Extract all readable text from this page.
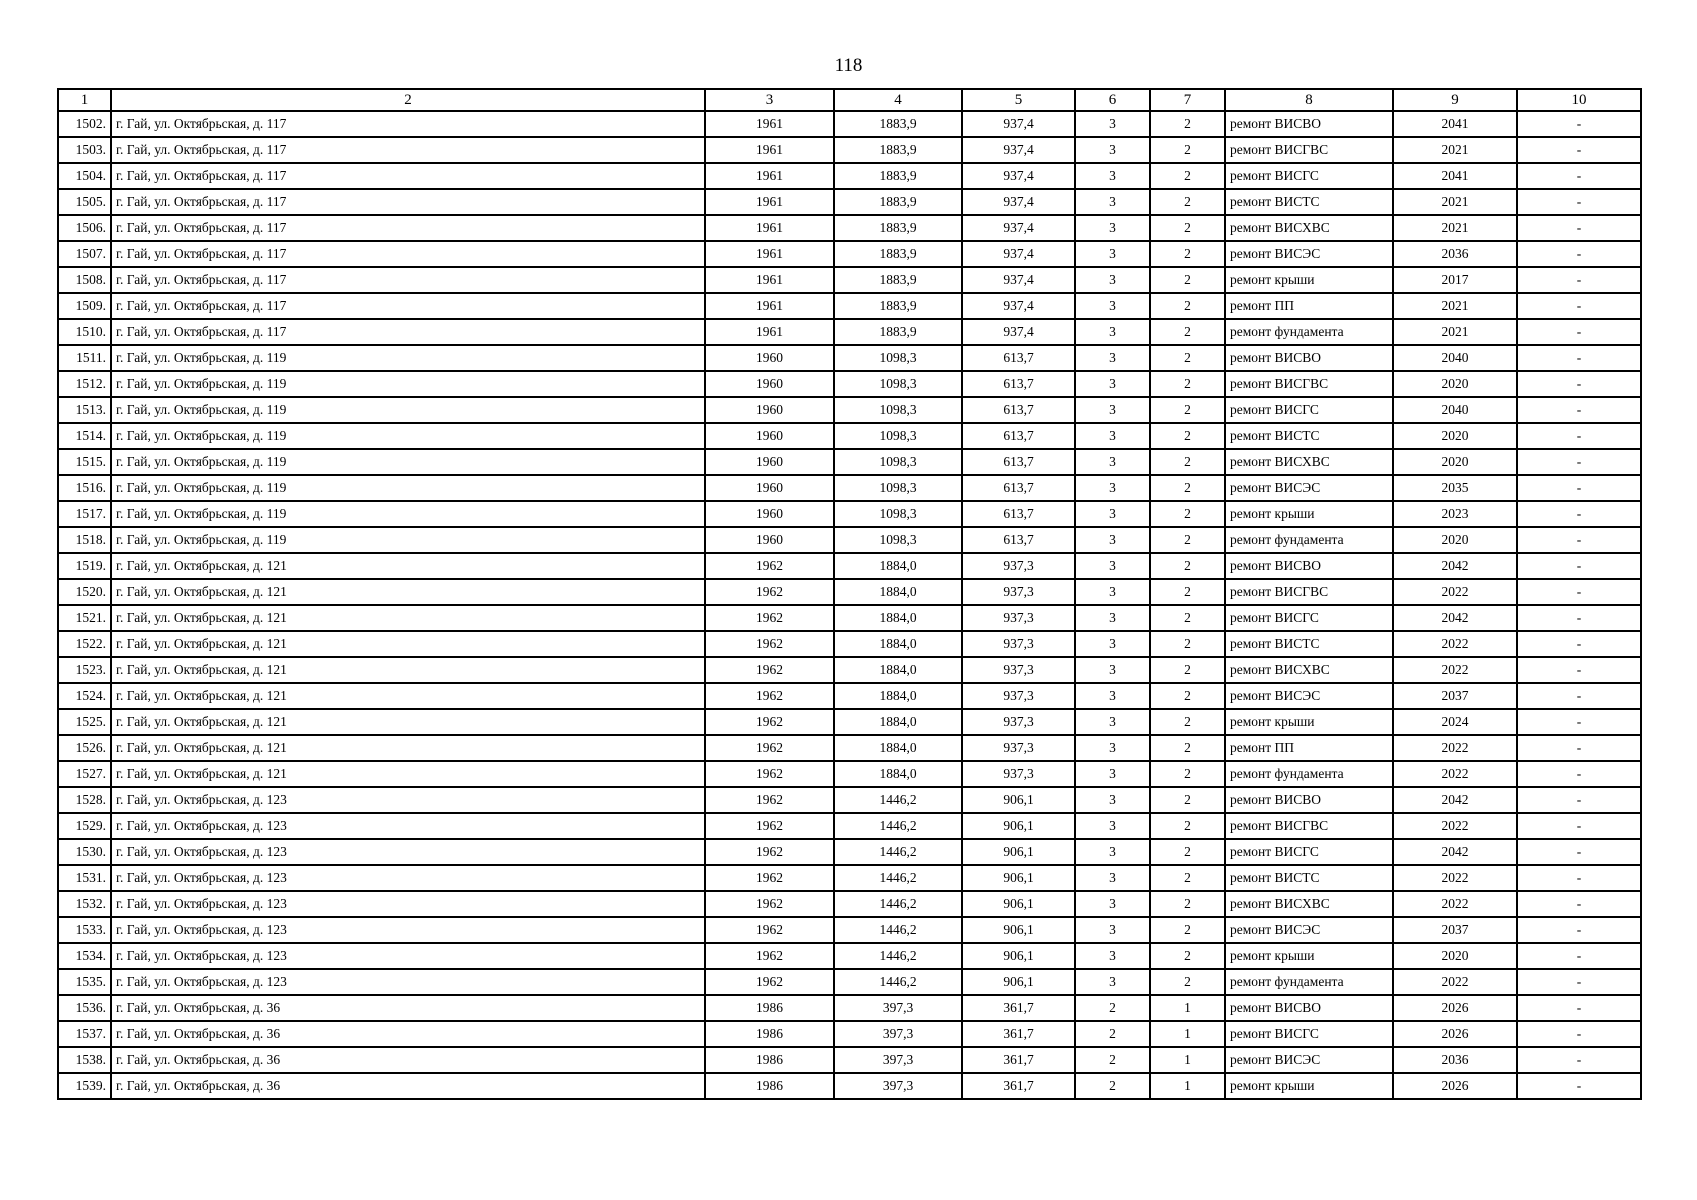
118
1	2	3	4	5	6	7	8	9	10
1502.	г. Гай, ул. Октябрьская, д. 117	1961	1883,9	937,4	3	2	ремонт ВИСВО	2041	-
1503.	г. Гай, ул. Октябрьская, д. 117	1961	1883,9	937,4	3	2	ремонт ВИСГВС	2021	-
1504.	г. Гай, ул. Октябрьская, д. 117	1961	1883,9	937,4	3	2	ремонт ВИСГС	2041	-
1505.	г. Гай, ул. Октябрьская, д. 117	1961	1883,9	937,4	3	2	ремонт ВИСТС	2021	-
1506.	г. Гай, ул. Октябрьская, д. 117	1961	1883,9	937,4	3	2	ремонт ВИСХВС	2021	-
1507.	г. Гай, ул. Октябрьская, д. 117	1961	1883,9	937,4	3	2	ремонт ВИСЭС	2036	-
1508.	г. Гай, ул. Октябрьская, д. 117	1961	1883,9	937,4	3	2	ремонт крыши	2017	-
1509.	г. Гай, ул. Октябрьская, д. 117	1961	1883,9	937,4	3	2	ремонт ПП	2021	-
1510.	г. Гай, ул. Октябрьская, д. 117	1961	1883,9	937,4	3	2	ремонт фундамента	2021	-
1511.	г. Гай, ул. Октябрьская, д. 119	1960	1098,3	613,7	3	2	ремонт ВИСВО	2040	-
1512.	г. Гай, ул. Октябрьская, д. 119	1960	1098,3	613,7	3	2	ремонт ВИСГВС	2020	-
1513.	г. Гай, ул. Октябрьская, д. 119	1960	1098,3	613,7	3	2	ремонт ВИСГС	2040	-
1514.	г. Гай, ул. Октябрьская, д. 119	1960	1098,3	613,7	3	2	ремонт ВИСТС	2020	-
1515.	г. Гай, ул. Октябрьская, д. 119	1960	1098,3	613,7	3	2	ремонт ВИСХВС	2020	-
1516.	г. Гай, ул. Октябрьская, д. 119	1960	1098,3	613,7	3	2	ремонт ВИСЭС	2035	-
1517.	г. Гай, ул. Октябрьская, д. 119	1960	1098,3	613,7	3	2	ремонт крыши	2023	-
1518.	г. Гай, ул. Октябрьская, д. 119	1960	1098,3	613,7	3	2	ремонт фундамента	2020	-
1519.	г. Гай, ул. Октябрьская, д. 121	1962	1884,0	937,3	3	2	ремонт ВИСВО	2042	-
1520.	г. Гай, ул. Октябрьская, д. 121	1962	1884,0	937,3	3	2	ремонт ВИСГВС	2022	-
1521.	г. Гай, ул. Октябрьская, д. 121	1962	1884,0	937,3	3	2	ремонт ВИСГС	2042	-
1522.	г. Гай, ул. Октябрьская, д. 121	1962	1884,0	937,3	3	2	ремонт ВИСТС	2022	-
1523.	г. Гай, ул. Октябрьская, д. 121	1962	1884,0	937,3	3	2	ремонт ВИСХВС	2022	-
1524.	г. Гай, ул. Октябрьская, д. 121	1962	1884,0	937,3	3	2	ремонт ВИСЭС	2037	-
1525.	г. Гай, ул. Октябрьская, д. 121	1962	1884,0	937,3	3	2	ремонт крыши	2024	-
1526.	г. Гай, ул. Октябрьская, д. 121	1962	1884,0	937,3	3	2	ремонт ПП	2022	-
1527.	г. Гай, ул. Октябрьская, д. 121	1962	1884,0	937,3	3	2	ремонт фундамента	2022	-
1528.	г. Гай, ул. Октябрьская, д. 123	1962	1446,2	906,1	3	2	ремонт ВИСВО	2042	-
1529.	г. Гай, ул. Октябрьская, д. 123	1962	1446,2	906,1	3	2	ремонт ВИСГВС	2022	-
1530.	г. Гай, ул. Октябрьская, д. 123	1962	1446,2	906,1	3	2	ремонт ВИСГС	2042	-
1531.	г. Гай, ул. Октябрьская, д. 123	1962	1446,2	906,1	3	2	ремонт ВИСТС	2022	-
1532.	г. Гай, ул. Октябрьская, д. 123	1962	1446,2	906,1	3	2	ремонт ВИСХВС	2022	-
1533.	г. Гай, ул. Октябрьская, д. 123	1962	1446,2	906,1	3	2	ремонт ВИСЭС	2037	-
1534.	г. Гай, ул. Октябрьская, д. 123	1962	1446,2	906,1	3	2	ремонт крыши	2020	-
1535.	г. Гай, ул. Октябрьская, д. 123	1962	1446,2	906,1	3	2	ремонт фундамента	2022	-
1536.	г. Гай, ул. Октябрьская, д. 36	1986	397,3	361,7	2	1	ремонт ВИСВО	2026	-
1537.	г. Гай, ул. Октябрьская, д. 36	1986	397,3	361,7	2	1	ремонт ВИСГС	2026	-
1538.	г. Гай, ул. Октябрьская, д. 36	1986	397,3	361,7	2	1	ремонт ВИСЭС	2036	-
1539.	г. Гай, ул. Октябрьская, д. 36	1986	397,3	361,7	2	1	ремонт крыши	2026	-
